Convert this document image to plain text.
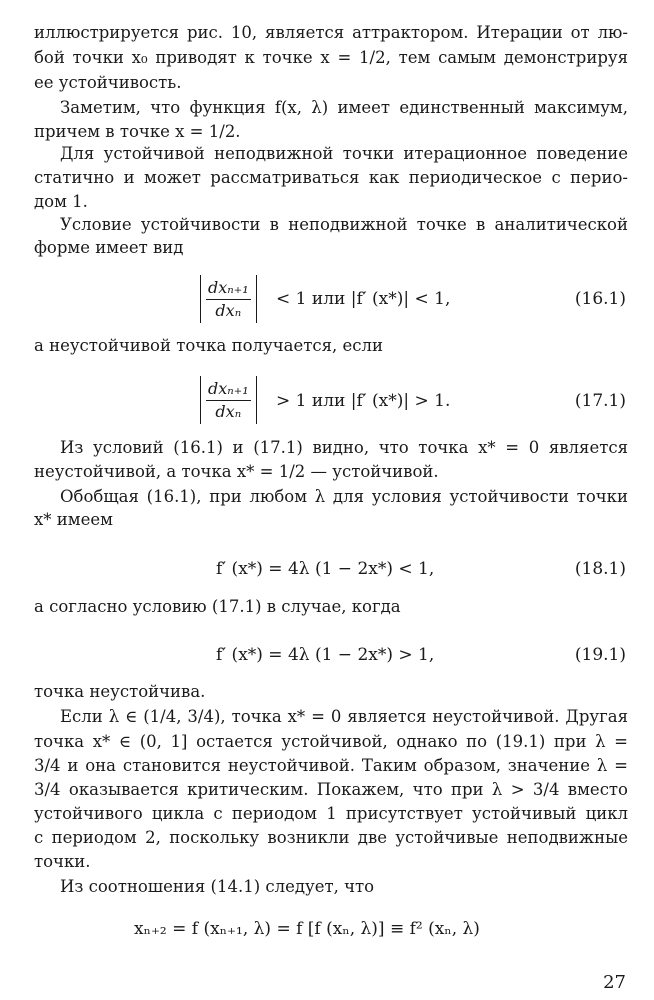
иллюстрируется рис. 10, является аттрактором. Итерации от лю-
бой точки x₀ приводят к точке x = 1/2, тем самым демонстрируя
ее устойчивость.
Заметим, что функция f(x, λ) имеет единственный максимум,
причем в точке x = 1/2.
Для устойчивой неподвижной точки итерационное поведение
статично и может рассматриваться как периодическое с перио-
дом 1.
Условие устойчивости в неподвижной точке в аналитической
форме имеет вид
dxₙ₊₁
dxₙ
< 1 или |f′ (x*)| < 1,	(16.1)
а неустойчивой точка получается, если
dxₙ₊₁
dxₙ > 1 или |f′ (x*)| > 1.	(17.1)
Из условий (16.1) и (17.1) видно, что точка x* = 0 является
неустойчивой, а точка x* = 1/2 — устойчивой.
Обобщая (16.1), при любом λ для условия устойчивости точки
x* имеем
f′ (x*) = 4λ (1 − 2x*) < 1,	(18.1)
а согласно условию (17.1) в случае, когда
f′ (x*) = 4λ (1 − 2x*) > 1,	(19.1)
точка неустойчива.
Если λ ∈ (1/4, 3/4), точка x* = 0 является неустойчивой. Другая
точка x* ∈ (0, 1] остается устойчивой, однако по (19.1) при λ =
3/4 и она становится неустойчивой. Таким образом, значение λ =
3/4 оказывается критическим. Покажем, что при λ > 3/4 вместо
устойчивого цикла с периодом 1 присутствует устойчивый цикл
с периодом 2, поскольку возникли две устойчивые неподвижные
точки.
Из соотношения (14.1) следует, что
xₙ₊₂ = f (xₙ₊₁, λ) = f [f (xₙ, λ)] ≡ f² (xₙ, λ)
27
